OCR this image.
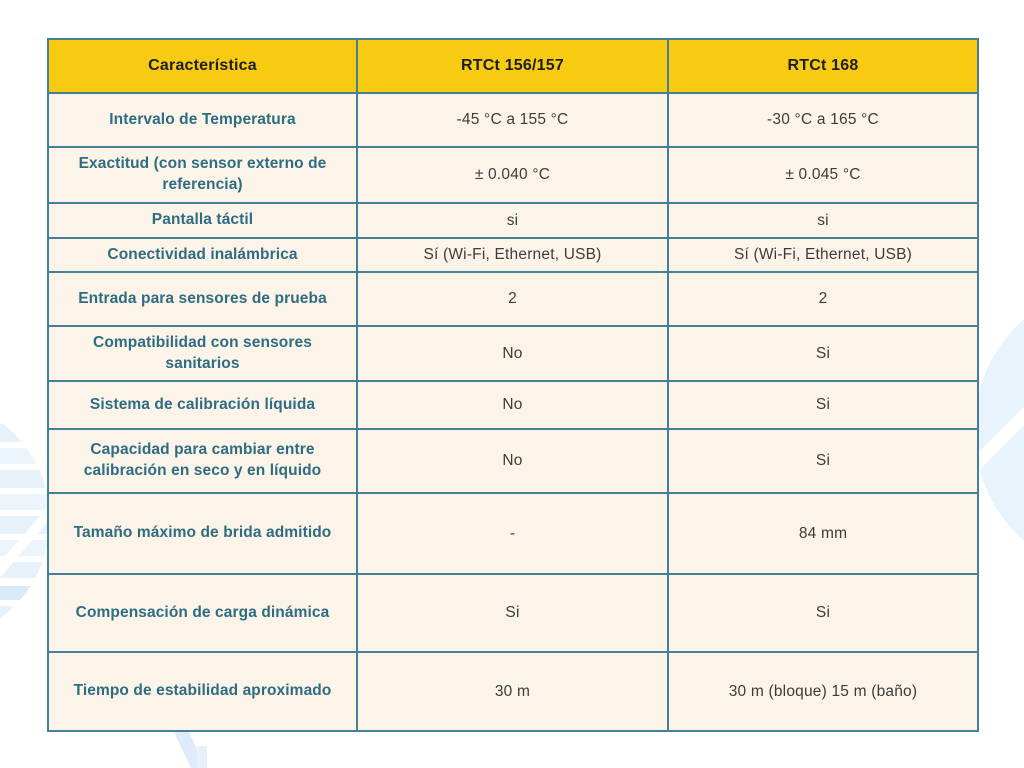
Característica	RTCt 156/157	RTCt 168
Intervalo de Temperatura	-45 °C a 155 °C	-30 °C a 165 °C
Exactitud (con sensor externo de referencia)	± 0.040 °C	± 0.045 °C
Pantalla táctil	si	si
Conectividad inalámbrica	Sí (Wi-Fi, Ethernet, USB)	Sí (Wi-Fi, Ethernet, USB)
Entrada para sensores de prueba	2	2
Compatibilidad con sensores sanitarios	No	Si
Sistema de calibración líquida	No	Si
Capacidad para cambiar entre calibración en seco y en líquido	No	Si
Tamaño máximo de brida admitido	-	84 mm
Compensación de carga dinámica	Si	Si
Tiempo de estabilidad aproximado	30 m	30 m (bloque) 15 m (baño)
